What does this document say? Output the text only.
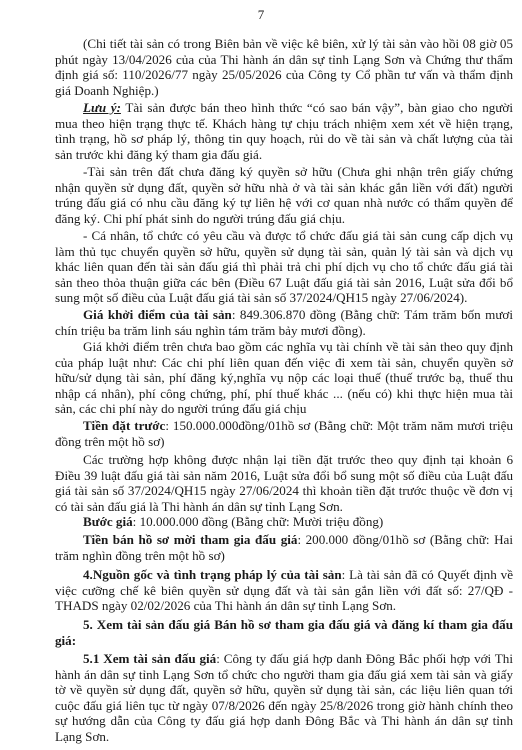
7
(Chi tiết tài sản có trong Biên bản về việc kê biên, xử lý tài sản vào hồi 08 giờ 05 phút ngày 13/04/2026 của của Thi hành án dân sự tỉnh Lạng Sơn và Chứng thư thẩm định giá số: 110/2026/77 ngày 25/05/2026 của Công ty Cổ phần tư vấn và thẩm định giá Doanh Nghiệp.)
Lưu ý: Tài sản được bán theo hình thức “có sao bán vậy”, bàn giao cho người mua theo hiện trạng thực tế. Khách hàng tự chịu trách nhiệm xem xét về hiện trạng, tình trạng, hồ sơ pháp lý, thông tin quy hoạch, rủi do về tài sản và chất lượng của tài sản trước khi đăng ký tham gia đấu giá.
-Tài sản trên đất chưa đăng ký quyền sở hữu (Chưa ghi nhận trên giấy chứng nhận quyền sử dụng đất, quyền sở hữu nhà ở và tài sản khác gắn liền với đất) người trúng đấu giá có nhu cầu đăng ký tự liên hệ với cơ quan nhà nước có thẩm quyền để đăng ký. Chi phí phát sinh do người trúng đấu giá chịu.
- Cá nhân, tổ chức có yêu cầu và được tổ chức đấu giá tài sản cung cấp dịch vụ làm thủ tục chuyển quyền sở hữu, quyền sử dụng tài sản, quản lý tài sản và dịch vụ khác liên quan đến tài sản đấu giá thì phải trả chi phí dịch vụ cho tổ chức đấu giá tài sản theo thỏa thuận giữa các bên (Điều 67 Luật đấu giá tài sản 2016, Luật sửa đổi bổ sung một số điều của Luật đấu giá tài sản số 37/2024/QH15 ngày 27/06/2024).
Giá khởi điểm của tài sản: 849.306.870 đồng (Bằng chữ: Tám trăm bốn mươi chín triệu ba trăm linh sáu nghìn tám trăm bảy mươi đồng).
Giá khởi điểm trên chưa bao gồm các nghĩa vụ tài chính về tài sản theo quy định của pháp luật như: Các chi phí liên quan đến việc đi xem tài sản, chuyển quyền sở hữu/sử dụng tài sản, phí đăng ký,nghĩa vụ nộp các loại thuế (thuế trước bạ, thuế thu nhập cá nhân), phí công chứng, phí, phí thuế khác ... (nếu có) khi thực hiện mua tài sản, các chi phí này do người trúng đấu giá chịu
Tiền đặt trước: 150.000.000đồng/01hồ sơ (Bằng chữ: Một trăm năm mươi triệu đồng trên một hồ sơ)
Các trường hợp không được nhận lại tiền đặt trước theo quy định tại khoản 6 Điều 39 luật đấu giá tài sản năm 2016, Luật sửa đổi bổ sung một số điều của Luật đấu giá tài sản số 37/2024/QH15 ngày 27/06/2024 thì khoản tiền đặt trước thuộc về đơn vị có tài sản đấu giá là Thi hành án dân sự tỉnh Lạng Sơn.
Bước giá: 10.000.000 đồng (Bằng chữ: Mười triệu đồng)
Tiền bán hồ sơ mời tham gia đấu giá: 200.000 đồng/01hồ sơ (Bằng chữ: Hai trăm nghìn đồng trên một hồ sơ)
4.Nguồn gốc và tình trạng pháp lý của tài sản: Là tài sản đã có Quyết định về việc cưỡng chế kê biên quyền sử dụng đất và tài sản gắn liền với đất số: 27/QĐ - THADS ngày 02/02/2026 của Thi hành án dân sự tỉnh Lạng Sơn.
5. Xem tài sản đấu giá Bán hồ sơ tham gia đấu giá và đăng kí tham gia đấu giá:
5.1 Xem tài sản đấu giá: Công ty đấu giá hợp danh Đông Bắc phối hợp với Thi hành án dân sự tỉnh Lạng Sơn tổ chức cho người tham gia đấu giá xem tài sản và giấy tờ về quyền sử dụng đất, quyền sở hữu, quyền sử dụng tài sản, các liệu liên quan tới cuộc đấu giá liên tục từ ngày 07/8/2026 đến ngày 25/8/2026 trong giờ hành chính theo sự hướng dẫn của Công ty đấu giá hợp danh Đông Bắc và Thi hành án dân sự tỉnh Lạng Sơn.
